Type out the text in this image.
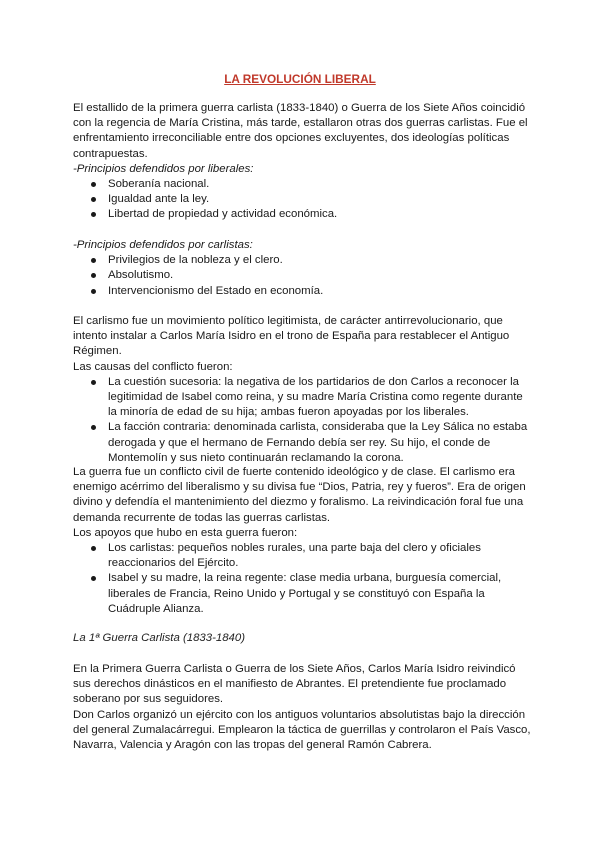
LA REVOLUCIÓN LIBERAL

El estallido de la primera guerra carlista (1833-1840) o Guerra de los Siete Años coincidió con la regencia de María Cristina, más tarde, estallaron otras dos guerras carlistas. Fue el enfrentamiento irreconciliable entre dos opciones excluyentes, dos ideologías políticas contrapuestas.

-Principios defendidos por liberales:

Soberanía nacional.
Igualdad ante la ley.
Libertad de propiedad y actividad económica.

-Principios defendidos por carlistas:

Privilegios de la nobleza y el clero.
Absolutismo.
Intervencionismo del Estado en economía.

El carlismo fue un movimiento político legitimista, de carácter antirrevolucionario, que intento instalar a Carlos María Isidro en el trono de España para restablecer el Antiguo Régimen.

Las causas del conflicto fueron:

La cuestión sucesoria: la negativa de los partidarios de don Carlos a reconocer la legitimidad de Isabel como reina, y su madre María Cristina como regente durante la minoría de edad de su hija; ambas fueron apoyadas por los liberales.
La facción contraria: denominada carlista, consideraba que la Ley Sálica no estaba derogada y que el hermano de Fernando debía ser rey. Su hijo, el conde de Montemolín y sus nieto continuarán reclamando la corona.

La guerra fue un conflicto civil de fuerte contenido ideológico y de clase. El carlismo era enemigo acérrimo del liberalismo y su divisa fue “Dios, Patria, rey y fueros”. Era de origen divino y defendía el mantenimiento del diezmo y foralismo. La reivindicación foral fue una demanda recurrente de todas las guerras carlistas.

Los apoyos que hubo en esta guerra fueron:

Los carlistas: pequeños nobles rurales, una parte baja del clero y oficiales reaccionarios del Ejército.
Isabel y su madre, la reina regente: clase media urbana, burguesía comercial, liberales de Francia, Reino Unido y Portugal y se constituyó con España la Cuádruple Alianza.
La 1ª Guerra Carlista (1833-1840)

En la Primera Guerra Carlista o Guerra de los Siete Años, Carlos María Isidro reivindicó sus derechos dinásticos en el manifiesto de Abrantes. El pretendiente fue proclamado soberano por sus seguidores.

Don Carlos organizó un ejército con los antiguos voluntarios absolutistas bajo la dirección del general Zumalacárregui. Emplearon la táctica de guerrillas y controlaron el País Vasco, Navarra, Valencia y Aragón con las tropas del general Ramón Cabrera.
